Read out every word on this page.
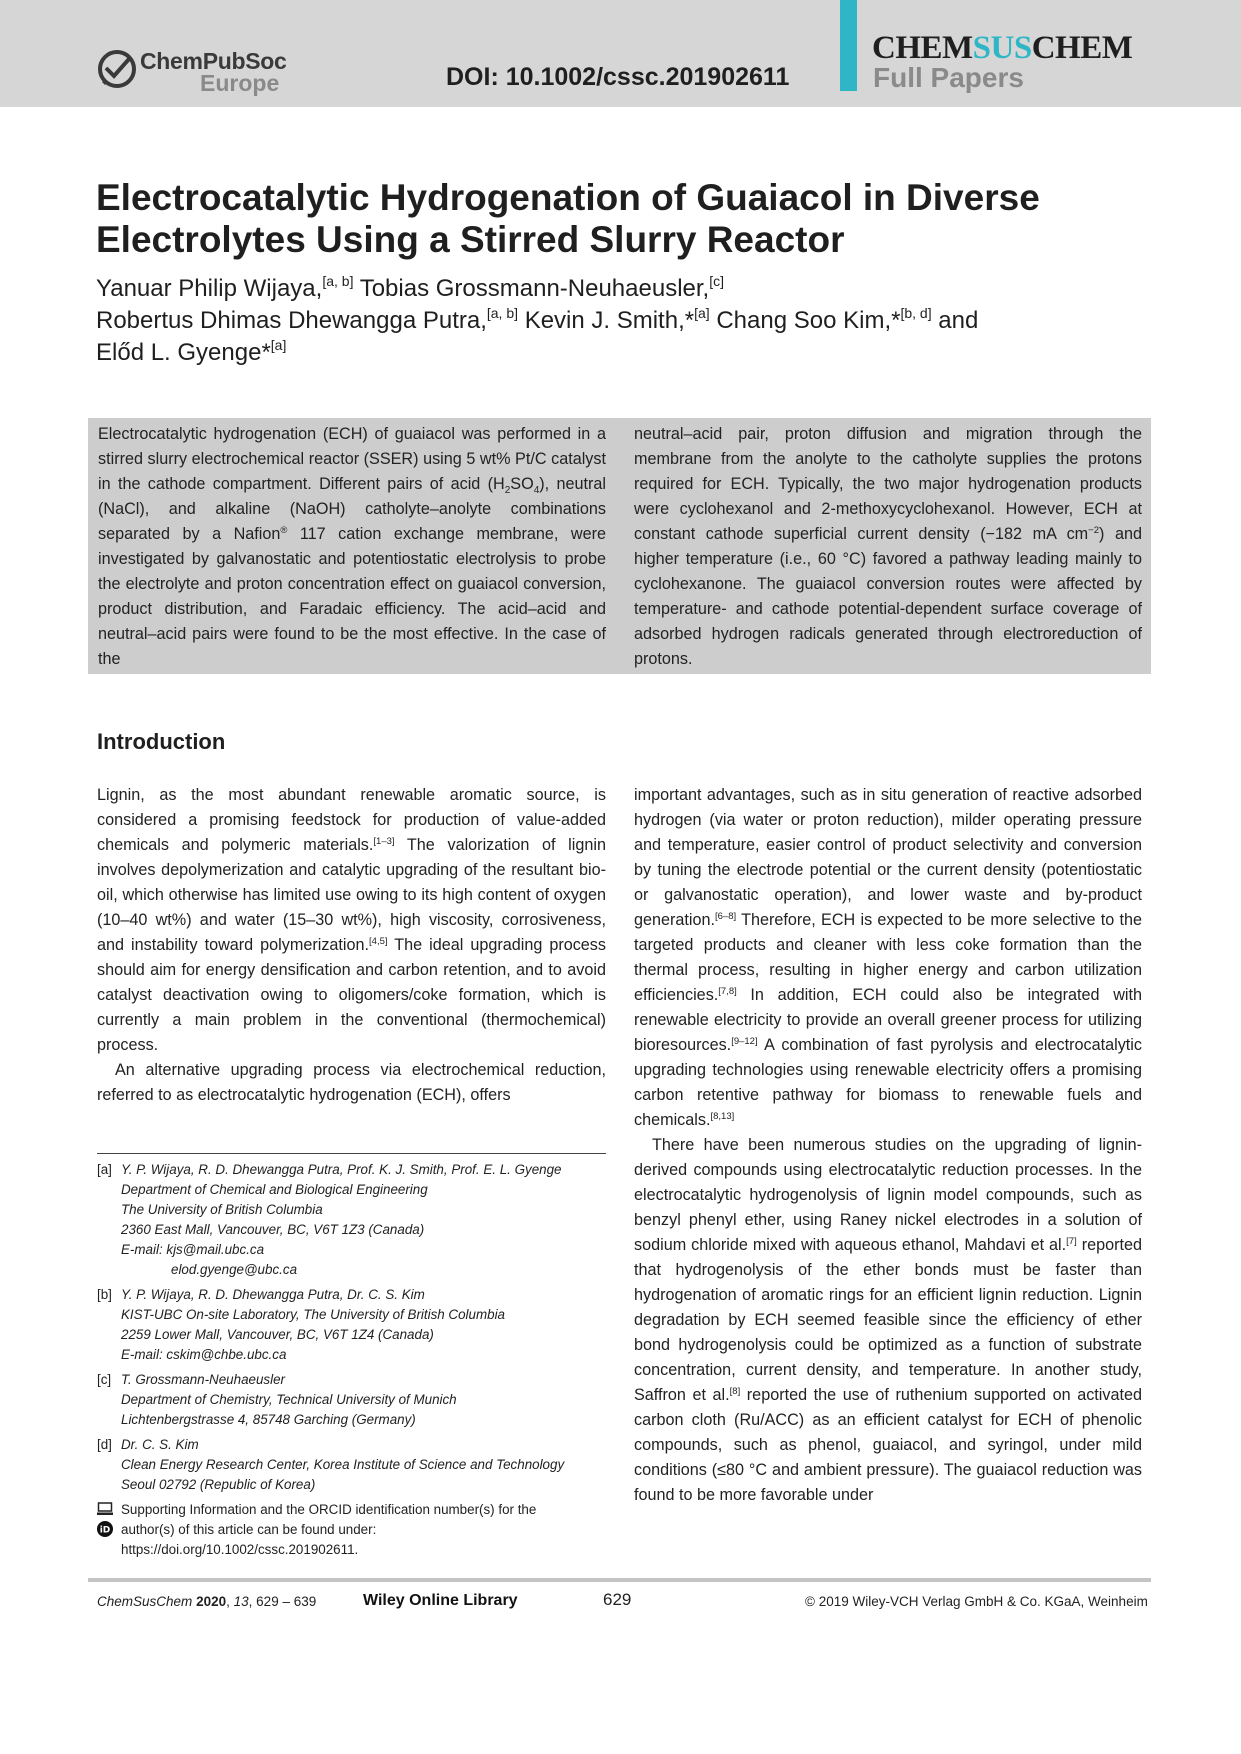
ChemPubSoc
Europe	DOI: 10.1002/cssc.201902611
CHEMSUSCHEM
Full Papers
Electrocatalytic Hydrogenation of Guaiacol in Diverse Electrolytes Using a Stirred Slurry Reactor

Yanuar Philip Wijaya,[a, b] Tobias Grossmann-Neuhaeusler,[c]
Robertus Dhimas Dhewangga Putra,[a, b] Kevin J. Smith,*[a] Chang Soo Kim,*[b, d] and
Előd L. Gyenge*[a]

Electrocatalytic hydrogenation (ECH) of guaiacol was performed in a stirred slurry electrochemical reactor (SSER) using 5 wt% Pt/C catalyst in the cathode compartment. Different pairs of acid $(H_2SO_4)$, neutral (NaCl), and alkaline (NaOH) catholyte–anolyte combinations separated by a Nafion® 117 cation exchange membrane, were investigated by galvanostatic and potentiostatic electrolysis to probe the electrolyte and proton concentration effect on guaiacol conversion, product distribution, and Faradaic efficiency. The acid–acid and neutral–acid pairs were found to be the most effective. In the case of the

neutral–acid pair, proton diffusion and migration through the membrane from the anolyte to the catholyte supplies the protons required for ECH. Typically, the two major hydrogenation products were cyclohexanol and 2-methoxycyclohexanol. However, ECH at constant cathode superficial current density (−182 mA $cm^{-2}$) and higher temperature (i.e., 60 °C) favored a pathway leading mainly to cyclohexanone. The guaiacol conversion routes were affected by temperature- and cathode potential-dependent surface coverage of adsorbed hydrogen radicals generated through electroreduction of protons.

Introduction

Lignin, as the most abundant renewable aromatic source, is considered a promising feedstock for production of value-added chemicals and polymeric materials.[1–3] The valorization of lignin involves depolymerization and catalytic upgrading of the resultant bio-oil, which otherwise has limited use owing to its high content of oxygen (10–40 wt%) and water (15–30 wt%), high viscosity, corrosiveness, and instability toward polymerization.[4,5] The ideal upgrading process should aim for energy densification and carbon retention, and to avoid catalyst deactivation owing to oligomers/coke formation, which is currently a main problem in the conventional (thermochemical) process.

An alternative upgrading process via electrochemical reduction, referred to as electrocatalytic hydrogenation (ECH), offers

important advantages, such as in situ generation of reactive adsorbed hydrogen (via water or proton reduction), milder operating pressure and temperature, easier control of product selectivity and conversion by tuning the electrode potential or the current density (potentiostatic or galvanostatic operation), and lower waste and by-product generation.[6–8] Therefore, ECH is expected to be more selective to the targeted products and cleaner with less coke formation than the thermal process, resulting in higher energy and carbon utilization efficiencies.[7,8] In addition, ECH could also be integrated with renewable electricity to provide an overall greener process for utilizing bioresources.[9–12] A combination of fast pyrolysis and electrocatalytic upgrading technologies using renewable electricity offers a promising carbon retentive pathway for biomass to renewable fuels and chemicals.[8,13]

There have been numerous studies on the upgrading of lignin-derived compounds using electrocatalytic reduction processes. In the electrocatalytic hydrogenolysis of lignin model compounds, such as benzyl phenyl ether, using Raney nickel electrodes in a solution of sodium chloride mixed with aqueous ethanol, Mahdavi et al.[7] reported that hydrogenolysis of the ether bonds must be faster than hydrogenation of aromatic rings for an efficient lignin reduction. Lignin degradation by ECH seemed feasible since the efficiency of ether bond hydrogenolysis could be optimized as a function of substrate concentration, current density, and temperature. In another study, Saffron et al.[8] reported the use of ruthenium supported on activated carbon cloth (Ru/ACC) as an efficient catalyst for ECH of phenolic compounds, such as phenol, guaiacol, and syringol, under mild conditions (≤80 °C and ambient pressure). The guaiacol reduction was found to be more favorable under

[a] Y. P. Wijaya, R. D. Dhewangga Putra, Prof. K. J. Smith, Prof. E. L. Gyenge
Department of Chemical and Biological Engineering
The University of British Columbia
2360 East Mall, Vancouver, BC, V6T 1Z3 (Canada)
E-mail: kjs@mail.ubc.ca
elod.gyenge@ubc.ca
[b] Y. P. Wijaya, R. D. Dhewangga Putra, Dr. C. S. Kim
KIST-UBC On-site Laboratory, The University of British Columbia
2259 Lower Mall, Vancouver, BC, V6T 1Z4 (Canada)
E-mail: cskim@chbe.ubc.ca
[c] T. Grossmann-Neuhaeusler
Department of Chemistry, Technical University of Munich
Lichtenbergstrasse 4, 85748 Garching (Germany)
[d] Dr. C. S. Kim
Clean Energy Research Center, Korea Institute of Science and Technology
Seoul 02792 (Republic of Korea)
iD
Supporting Information and the ORCID identification number(s) for the
author(s) of this article can be found under:
https://doi.org/10.1002/cssc.201902611.
ChemSusChem 2020, 13, 629 – 639	Wiley Online Library	629	© 2019 Wiley-VCH Verlag GmbH & Co. KGaA, Weinheim
